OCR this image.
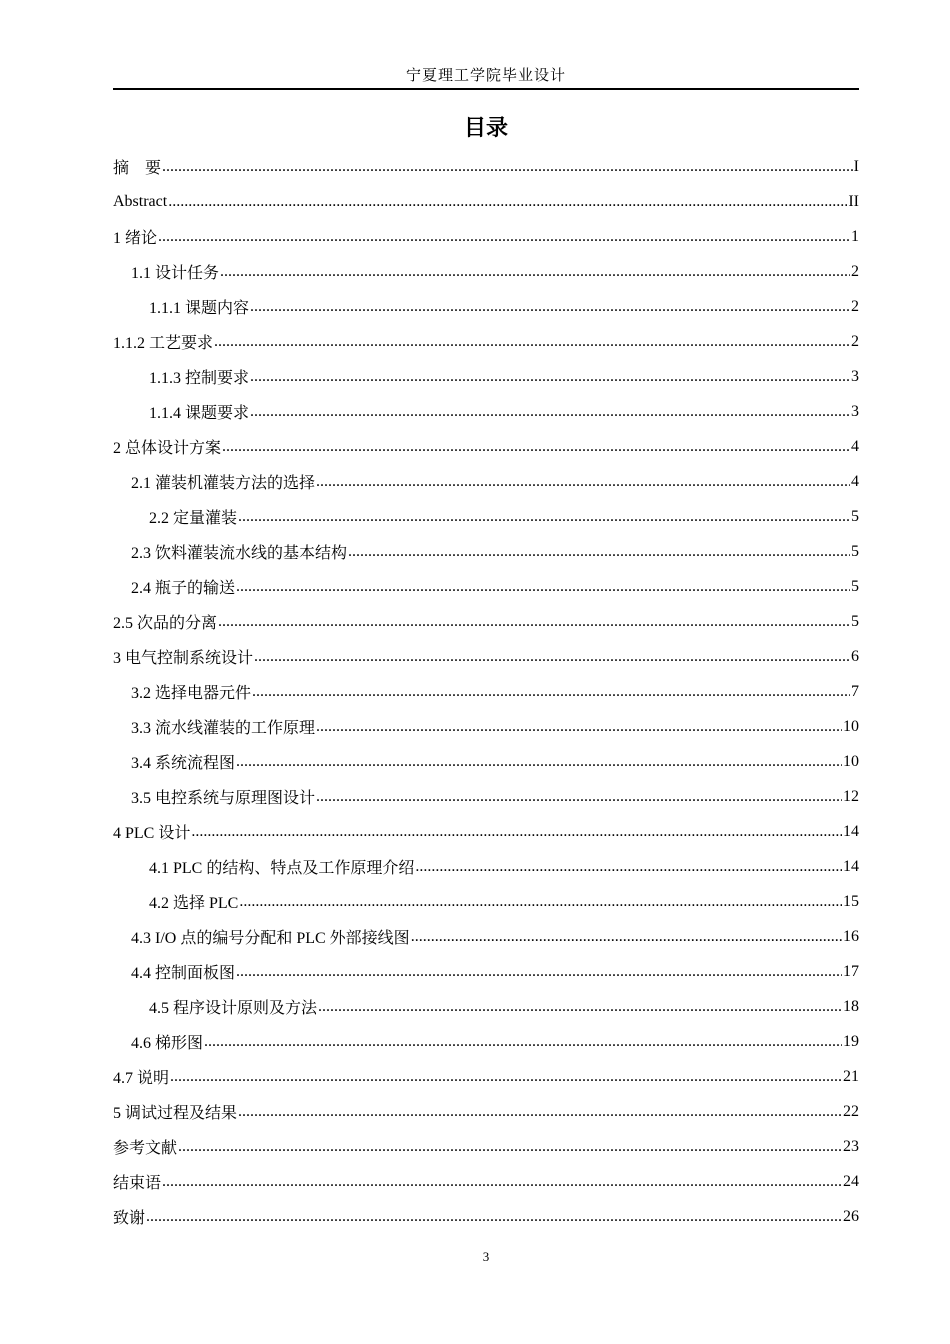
宁夏理工学院毕业设计
目录
摘　要 .....	I
Abstract .....	II
1 绪论 .....	1
1.1 设计任务 .....	2
1.1.1 课题内容 .....	2
1.1.2 工艺要求 .....	2
1.1.3 控制要求 .....	3
1.1.4 课题要求 .....	3
2 总体设计方案 .....	4
2.1 灌装机灌装方法的选择 .....	4
2.2 定量灌装 .....	5
2.3 饮料灌装流水线的基本结构 .....	5
2.4 瓶子的输送 .....	5
2.5 次品的分离 .....	5
3 电气控制系统设计 .....	6
3.2 选择电器元件 .....	7
3.3 流水线灌装的工作原理 .....	10
3.4 系统流程图 .....	10
3.5 电控系统与原理图设计 .....	12
4 PLC 设计 .....	14
4.1 PLC 的结构、特点及工作原理介绍 .....	14
4.2 选择 PLC .....	15
4.3 I/O 点的编号分配和 PLC 外部接线图 .....	16
4.4 控制面板图 .....	17
4.5 程序设计原则及方法 .....	18
4.6 梯形图 .....	19
4.7 说明 .....	21
5 调试过程及结果 .....	22
参考文献 .....	23
结束语 .....	24
致谢 .....	26
3
